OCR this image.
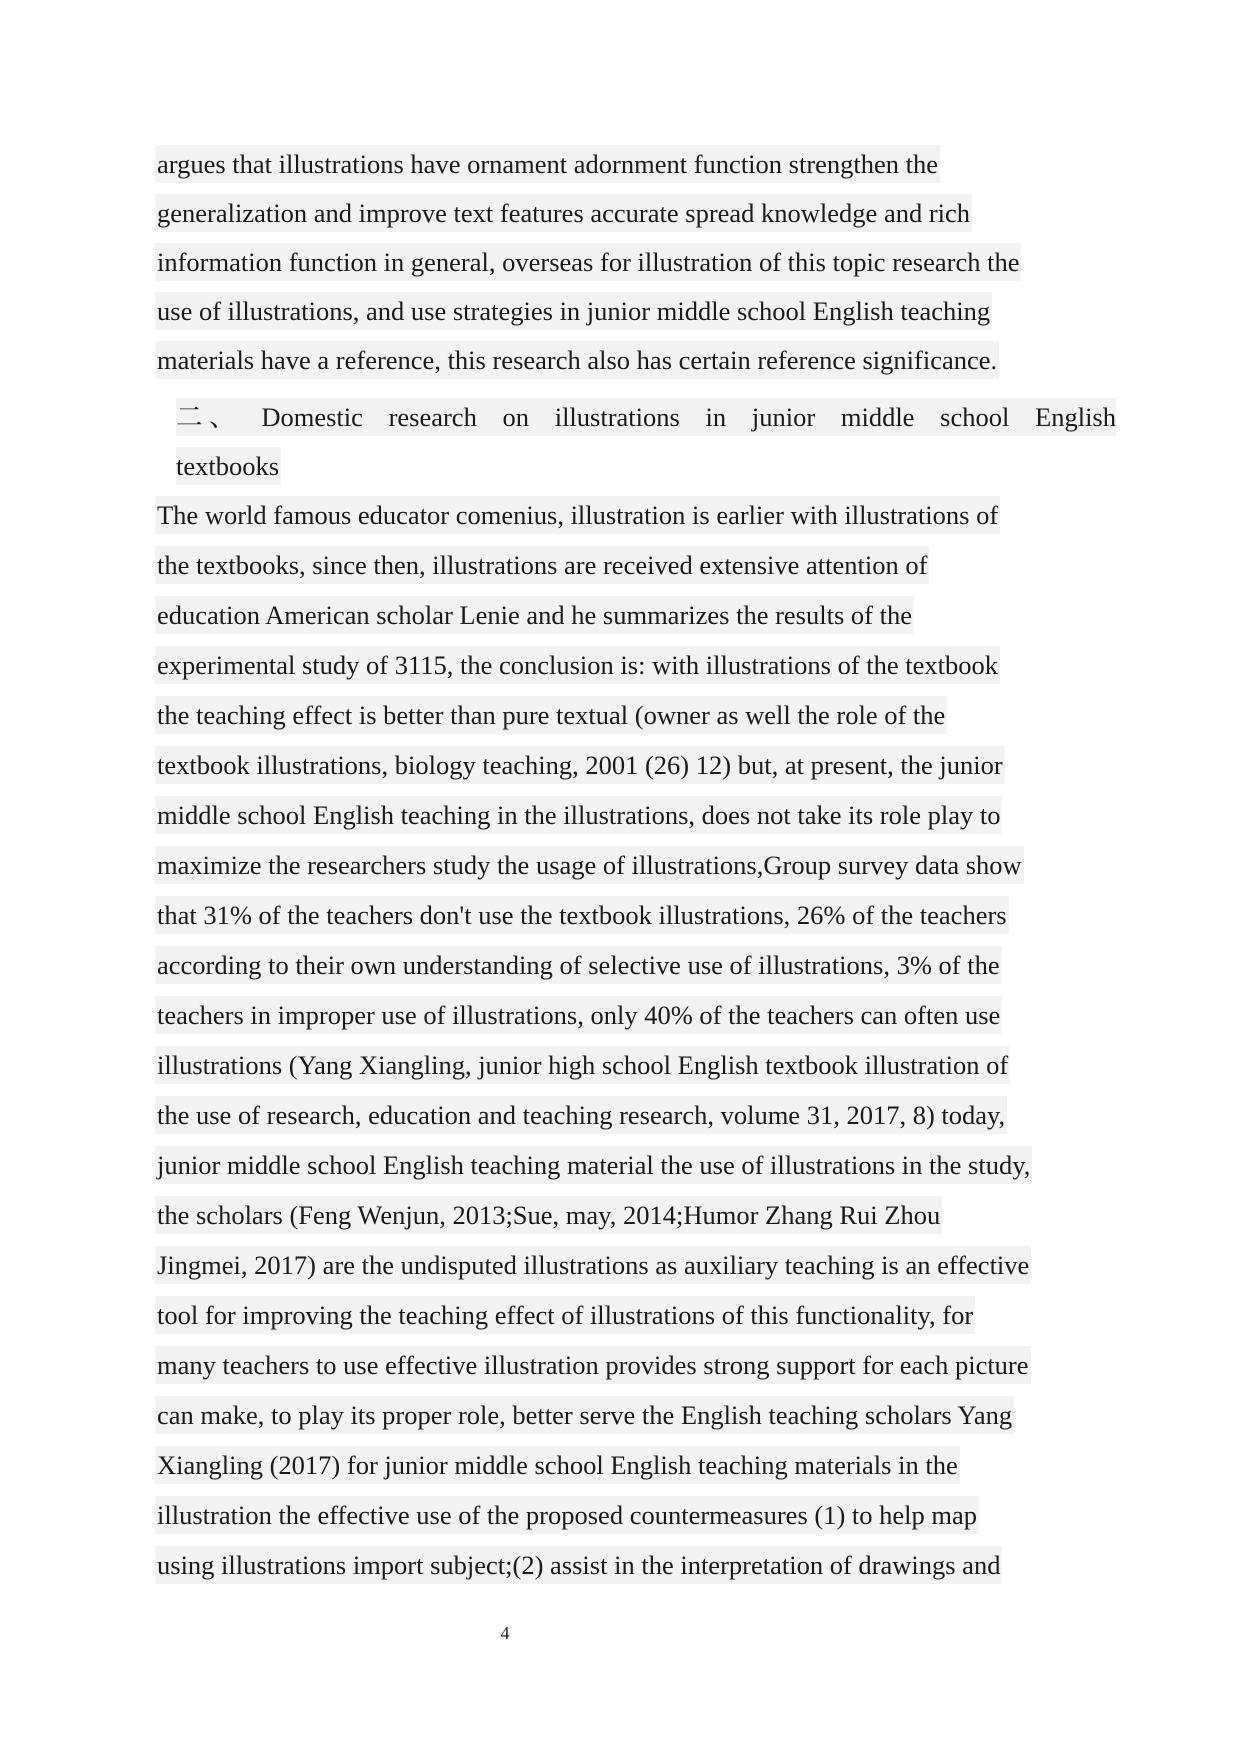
argues that illustrations have ornament adornment function strengthen the
generalization and improve text features accurate spread knowledge and rich
information function in general, overseas for illustration of this topic research the
use of illustrations, and use strategies in junior middle school English teaching
materials have a reference, this research also has certain reference significance.
二 、 Domestic research on illustrations in junior middle school English
textbooks
The world famous educator comenius, illustration is earlier with illustrations of
the textbooks, since then, illustrations are received extensive attention of
education American scholar Lenie and he summarizes the results of the
experimental study of 3115, the conclusion is: with illustrations of the textbook
the teaching effect is better than pure textual (owner as well the role of the
textbook illustrations, biology teaching, 2001 (26) 12) but, at present, the junior
middle school English teaching in the illustrations, does not take its role play to
maximize the researchers study the usage of illustrations,Group survey data show
that 31% of the teachers don't use the textbook illustrations, 26% of the teachers
according to their own understanding of selective use of illustrations, 3% of the
teachers in improper use of illustrations, only 40% of the teachers can often use
illustrations (Yang Xiangling, junior high school English textbook illustration of
the use of research, education and teaching research, volume 31, 2017, 8) today,
junior middle school English teaching material the use of illustrations in the study,
the scholars (Feng Wenjun, 2013;Sue, may, 2014;Humor Zhang Rui Zhou
Jingmei, 2017) are the undisputed illustrations as auxiliary teaching is an effective
tool for improving the teaching effect of illustrations of this functionality, for
many teachers to use effective illustration provides strong support for each picture
can make, to play its proper role, better serve the English teaching scholars Yang
Xiangling (2017) for junior middle school English teaching materials in the
illustration the effective use of the proposed countermeasures (1) to help map
using illustrations import subject;(2) assist in the interpretation of drawings and
4
